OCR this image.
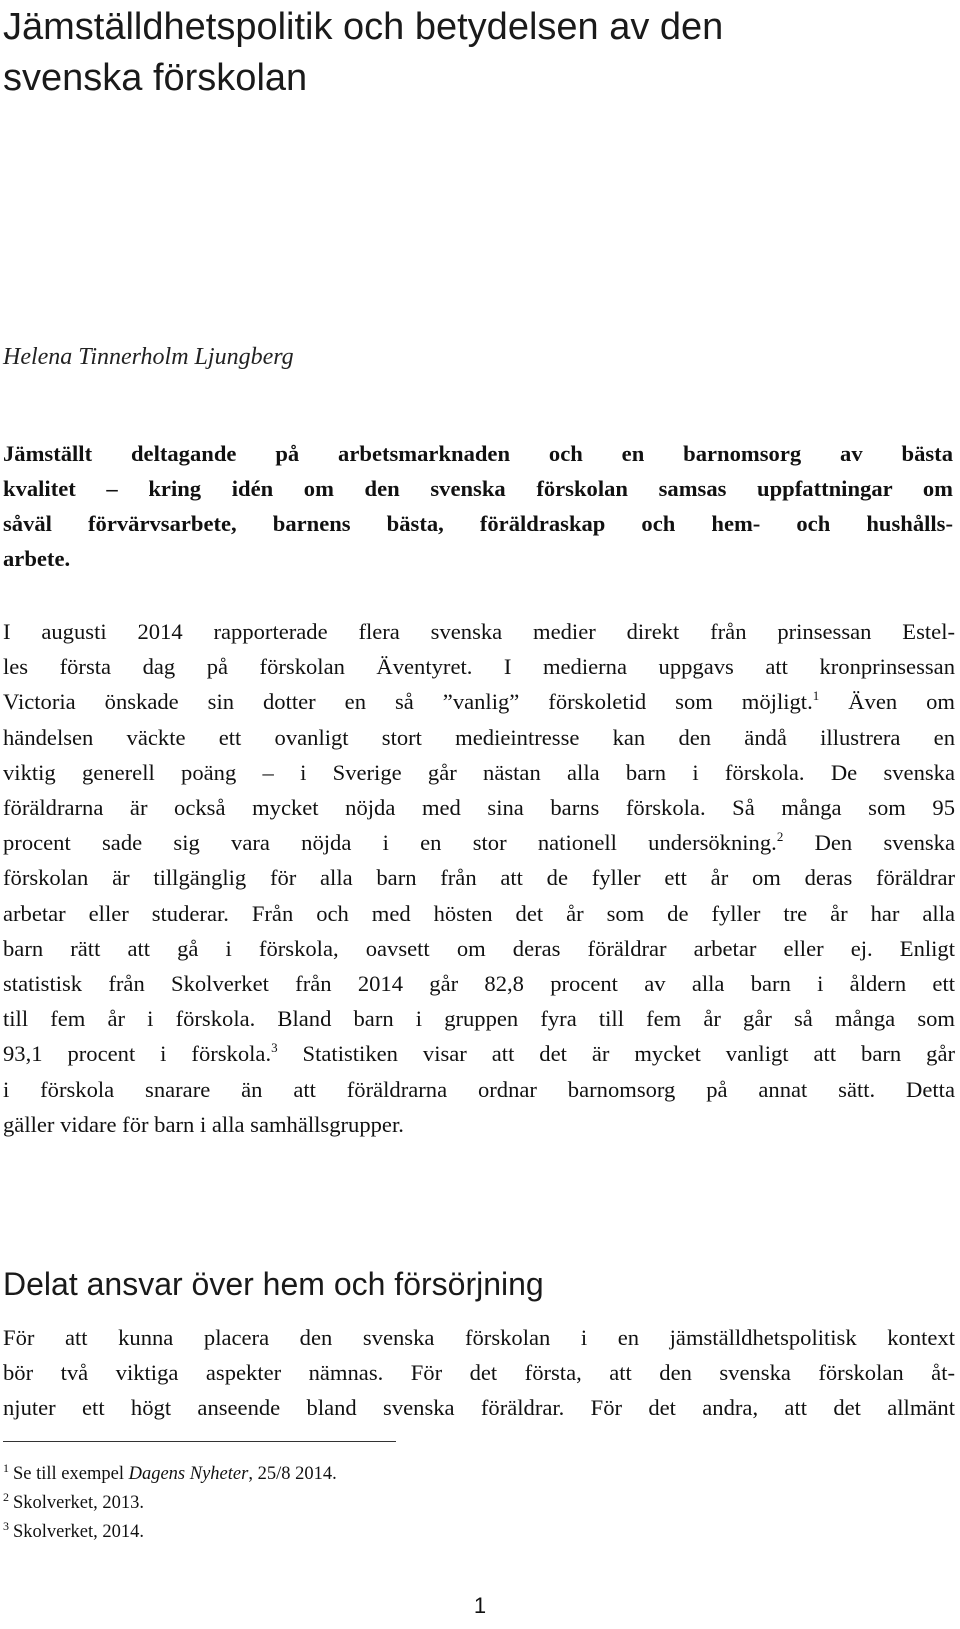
Jämställdhetspolitik och betydelsen av den
svenska förskolan
Helena Tinnerholm Ljungberg

Jämställt deltagande på arbetsmarknaden och en barnomsorg av bästa
kvalitet – kring idén om den svenska förskolan samsas uppfattningar om
såväl förvärvsarbete, barnens bästa, föräldraskap och hem- och hushålls-
arbete.

I augusti 2014 rapporterade flera svenska medier direkt från prinsessan Estel-
les första dag på förskolan Äventyret. I medierna uppgavs att kronprinsessan
Victoria önskade sin dotter en så ”vanlig” förskoletid som möjligt.$^1$ Även om
händelsen väckte ett ovanligt stort medieintresse kan den ändå illustrera en
viktig generell poäng – i Sverige går nästan alla barn i förskola. De svenska
föräldrarna är också mycket nöjda med sina barns förskola. Så många som 95
procent sade sig vara nöjda i en stor nationell undersökning.$^2$ Den svenska
förskolan är tillgänglig för alla barn från att de fyller ett år om deras föräldrar
arbetar eller studerar. Från och med hösten det år som de fyller tre år har alla
barn rätt att gå i förskola, oavsett om deras föräldrar arbetar eller ej. Enligt
statistisk från Skolverket från 2014 går 82,8 procent av alla barn i åldern ett
till fem år i förskola. Bland barn i gruppen fyra till fem år går så många som
93,1 procent i förskola.$^3$ Statistiken visar att det är mycket vanligt att barn går
i förskola snarare än att föräldrarna ordnar barnomsorg på annat sätt. Detta
gäller vidare för barn i alla samhällsgrupper.

Delat ansvar över hem och försörjning

För att kunna placera den svenska förskolan i en jämställdhetspolitisk kontext
bör två viktiga aspekter nämnas. För det första, att den svenska förskolan åt-
njuter ett högt anseende bland svenska föräldrar. För det andra, att det allmänt

$^1$ Se till exempel Dagens Nyheter, 25/8 2014.
$^2$ Skolverket, 2013.
$^3$ Skolverket, 2014.
1
